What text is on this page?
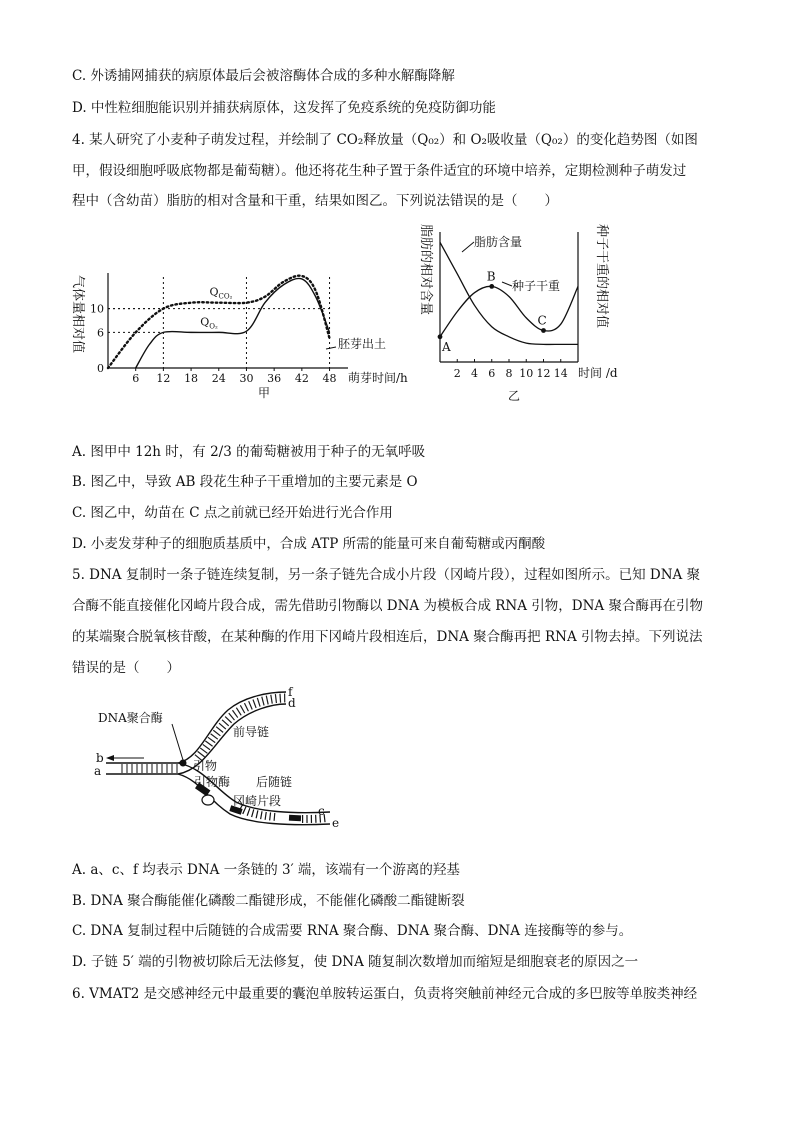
C. 外诱捕网捕获的病原体最后会被溶酶体合成的多种水解酶降解
D. 中性粒细胞能识别并捕获病原体，这发挥了免疫系统的免疫防御功能
4. 某人研究了小麦种子萌发过程，并绘制了 CO₂释放量（Q₀₂）和 O₂吸收量（Q₀₂）的变化趋势图（如图
甲，假设细胞呼吸底物都是葡萄糖）。他还将花生种子置于条件适宜的环境中培养，定期检测种子萌发过
程中（含幼苗）脂肪的相对含量和干重，结果如图乙。下列说法错误的是（　　）
气体量相对值
萌芽时间/h
甲
胚芽出土
6 12 18 24 30 36 42 48
0
6
10
Q CO₂
Q O₂
脂肪的相对含量	种子干重的相对值
时间 /d
乙
2 4 6 8 10 12 14
脂肪含量
种子干重
A
B
C
A. 图甲中 12h 时，有 2/3 的葡萄糖被用于种子的无氧呼吸
B. 图乙中，导致 AB 段花生种子干重增加的主要元素是 O
C. 图乙中，幼苗在 C 点之前就已经开始进行光合作用
D. 小麦发芽种子的细胞质基质中，合成 ATP 所需的能量可来自葡萄糖或丙酮酸
5. DNA 复制时一条子链连续复制，另一条子链先合成小片段（冈崎片段），过程如图所示。已知 DNA 聚
合酶不能直接催化冈崎片段合成，需先借助引物酶以 DNA 为模板合成 RNA 引物，DNA 聚合酶再在引物
的某端聚合脱氧核苷酸，在某种酶的作用下冈崎片段相连后，DNA 聚合酶再把 RNA 引物去掉。下列说法
错误的是（　　）
DNA聚合酶
前导链
引物
引物酶 后随链
冈崎片段
a
b
c
d
e
f
A. a、c、f 均表示 DNA 一条链的 3′ 端，该端有一个游离的羟基
B. DNA 聚合酶能催化磷酸二酯键形成，不能催化磷酸二酯键断裂
C. DNA 复制过程中后随链的合成需要 RNA 聚合酶、DNA 聚合酶、DNA 连接酶等的参与。
D. 子链 5′ 端的引物被切除后无法修复，使 DNA 随复制次数增加而缩短是细胞衰老的原因之一
6. VMAT2 是交感神经元中最重要的囊泡单胺转运蛋白，负责将突触前神经元合成的多巴胺等单胺类神经
